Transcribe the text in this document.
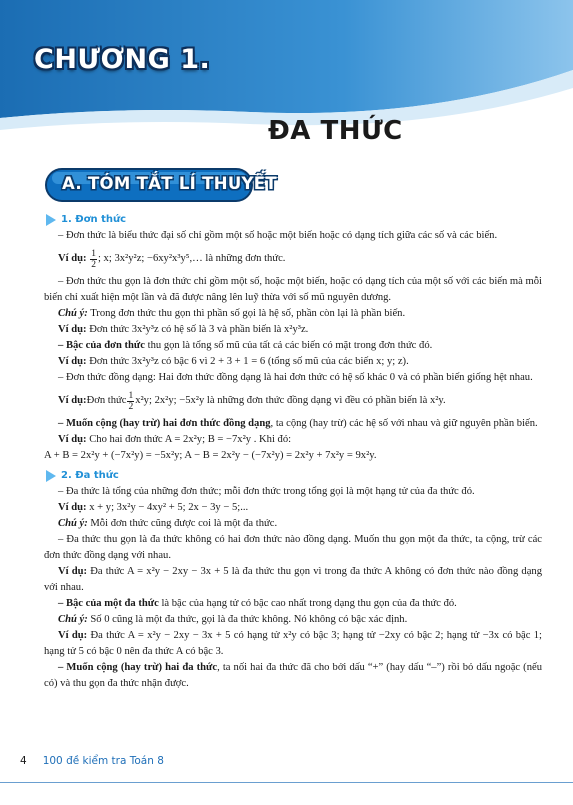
CHƯƠNG 1.
ĐA THỨC
A. TÓM TẮT LÍ THUYẾT
1. Đơn thức

– Đơn thức là biểu thức đại số chỉ gồm một số hoặc một biến hoặc có dạng tích giữa các số và các biến.

Ví dụ:
$\frac{1}{2}$ ; x; 3x²y²z; −6xy²x³y⁵,… là những đơn thức.

– Đơn thức thu gọn là đơn thức chỉ gồm một số, hoặc một biến, hoặc có dạng tích của một số với các biến mà mỗi biến chỉ xuất hiện một lần và đã được nâng lên luỹ thừa với số mũ nguyên dương.

Chú ý: Trong đơn thức thu gọn thì phần số gọi là hệ số, phần còn lại là phần biến.

Ví dụ: Đơn thức 3x²y³z có hệ số là 3 và phần biến là x²y³z.

– Bậc của đơn thức thu gọn là tổng số mũ của tất cả các biến có mặt trong đơn thức đó.

Ví dụ: Đơn thức 3x²y³z có bậc 6 vì 2 + 3 + 1 = 6 (tổng số mũ của các biến x; y; z).

– Đơn thức đồng dạng: Hai đơn thức đồng dạng là hai đơn thức có hệ số khác 0 và có phần biến giống hệt nhau.

Ví dụ: Đơn thức $\frac{1}{2} x^2y$; 2x²y; −5x²y là những đơn thức đồng dạng vì đều có phần biến là x²y.

– Muốn cộng (hay trừ) hai đơn thức đồng dạng, ta cộng (hay trừ) các hệ số với nhau và giữ nguyên phần biến.

Ví dụ: Cho hai đơn thức A = 2x²y; B = −7x²y . Khi đó:

A + B = 2x²y + (−7x²y) = −5x²y; A − B = 2x²y − (−7x²y) = 2x²y + 7x²y = 9x²y.

2. Đa thức

– Đa thức là tổng của những đơn thức; mỗi đơn thức trong tổng gọi là một hạng tử của đa thức đó.

Ví dụ: x + y; 3x²y − 4xy² + 5; 2x − 3y − 5;...

Chú ý: Mỗi đơn thức cũng được coi là một đa thức.

– Đa thức thu gọn là đa thức không có hai đơn thức nào đồng dạng. Muốn thu gọn một đa thức, ta cộng, trừ các đơn thức đồng dạng với nhau.

Ví dụ: Đa thức A = x²y − 2xy − 3x + 5 là đa thức thu gọn vì trong đa thức A không có đơn thức nào đồng dạng với nhau.

– Bậc của một đa thức là bậc của hạng tử có bậc cao nhất trong dạng thu gọn của đa thức đó.

Chú ý: Số 0 cũng là một đa thức, gọi là đa thức không. Nó không có bậc xác định.

Ví dụ: Đa thức A = x²y − 2xy − 3x + 5 có hạng tử x²y có bậc 3; hạng tử −2xy có bậc 2; hạng tử −3x có bậc 1; hạng tử 5 có bậc 0 nên đa thức A có bậc 3.

– Muốn cộng (hay trừ) hai đa thức, ta nối hai đa thức đã cho bởi dấu “+” (hay dấu “–”) rồi bỏ dấu ngoặc (nếu có) và thu gọn đa thức nhận được.

4 100 đề kiểm tra Toán 8
